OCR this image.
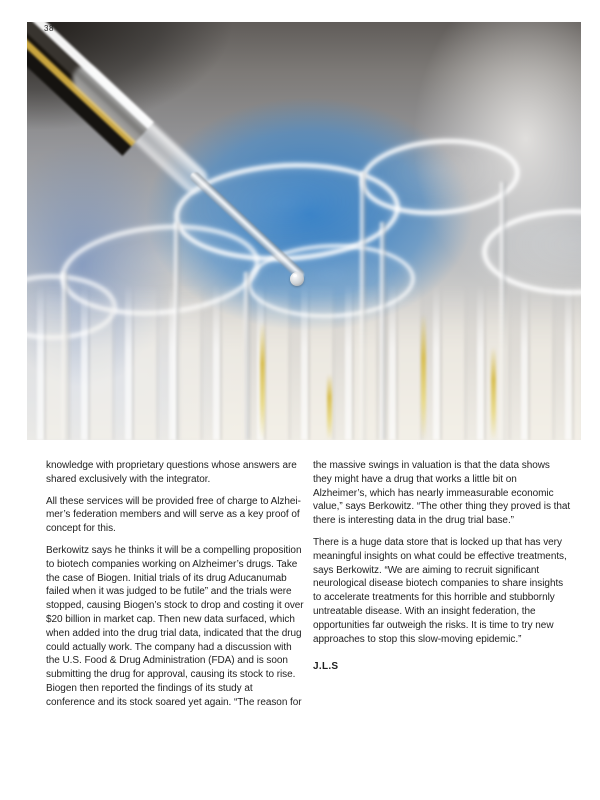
38

knowledge with proprietary questions whose answers are shared exclusively with the integrator.

All these services will be provided free of charge to Alzheimer’s federation members and will serve as a key proof of concept for this.

Berkowitz says he thinks it will be a compelling proposition to biotech companies working on Alzheimer’s drugs. Take the case of Biogen. Initial trials of its drug Aducanumab failed when it was judged to be futile” and the trials were stopped, causing Biogen’s stock to drop and costing it over $20 billion in market cap. Then new data surfaced, which when added into the drug trial data, indicated that the drug could actually work. The company had a discussion with the U.S. Food & Drug Administration (FDA) and is soon submitting the drug for approval, causing its stock to rise. Biogen then reported the findings of its study at conference and its stock soared yet again. “The reason for

the massive swings in valuation is that the data shows they might have a drug that works a little bit on Alzheimer’s, which has nearly immeasurable economic value,” says Berkowitz. “The other thing they proved is that there is interesting data in the drug trial base.”

There is a huge data store that is locked up that has very meaningful insights on what could be effective treatments, says Berkowitz. “We are aiming to recruit significant neurological disease biotech companies to share insights to accelerate treatments for this horrible and stubbornly untreatable disease. With an insight federation, the opportunities far outweigh the risks. It is time to try new approaches to stop this slow-moving epidemic.”

J.L.S
